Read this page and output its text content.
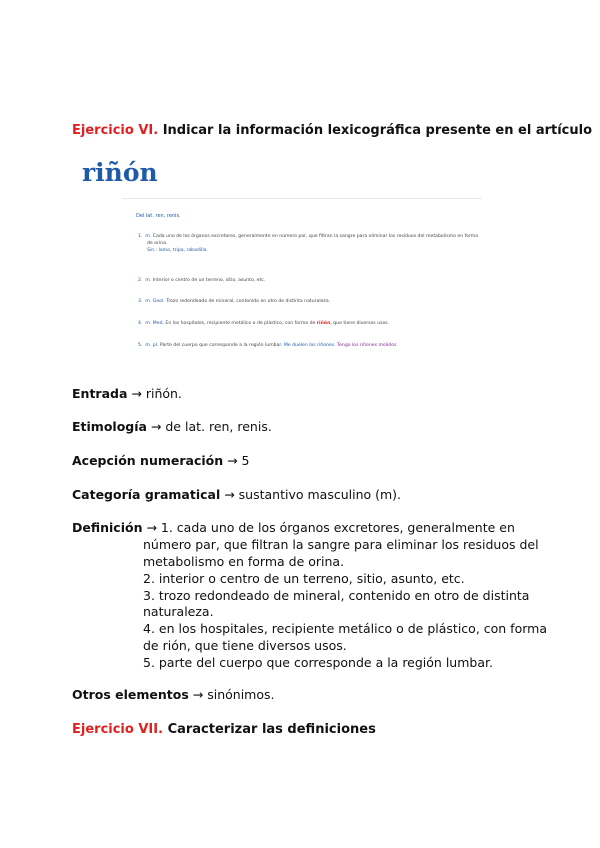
Ejercicio VI. Indicar la información lexicográfica presente en el artículo
riñón
Del lat. ren, renis.
1. m. Cada uno de los órganos excretores, generalmente en número par, que filtran la sangre para eliminar los residuos del metabolismo en forma
de orina.
Sin.: lomo, tripa, rabadilla.
2. m. Interior o centro de un terreno, sitio, asunto, etc.
3. m. Geol. Trozo redondeado de mineral, contenido en otro de distinta naturaleza.
4. m. Med. En los hospitales, recipiente metálico o de plástico, con forma de riñón, que tiene diversos usos.
5. m. pl. Parte del cuerpo que corresponde a la región lumbar. Me duelen los riñones. Tengo los riñones molidos.
Entrada → riñón.
Etimología → de lat. ren, renis.
Acepción numeración → 5
Categoría gramatical → sustantivo masculino (m).
Definición → 1. cada uno de los órganos excretores, generalmente en
número par, que filtran la sangre para eliminar los residuos del
metabolismo en forma de orina.
2. interior o centro de un terreno, sitio, asunto, etc.
3. trozo redondeado de mineral, contenido en otro de distinta
naturaleza.
4. en los hospitales, recipiente metálico o de plástico, con forma
de rión, que tiene diversos usos.
5. parte del cuerpo que corresponde a la región lumbar.
Otros elementos → sinónimos.
Ejercicio VII. Caracterizar las definiciones
